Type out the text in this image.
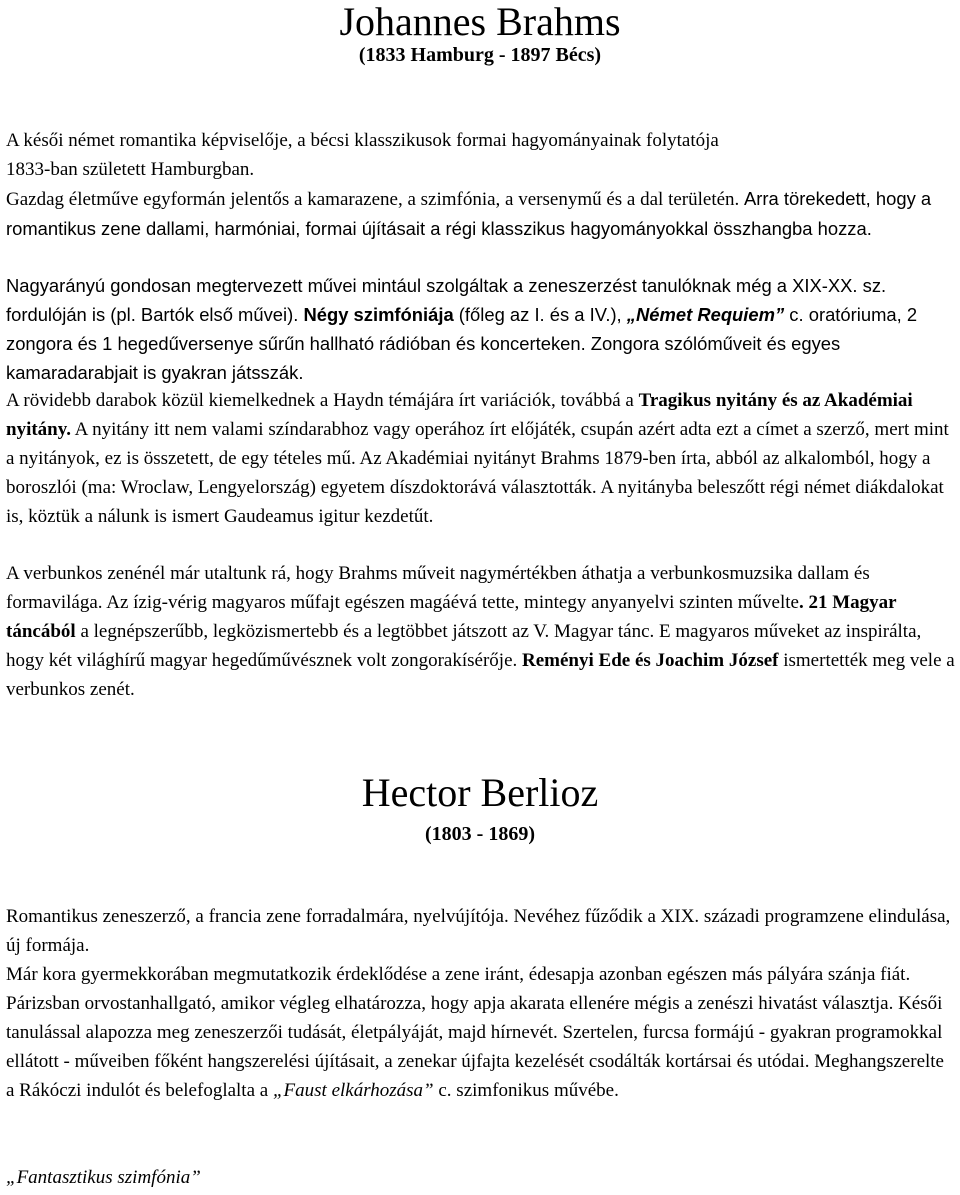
Johannes Brahms
(1833 Hamburg - 1897 Bécs)

A késői német romantika képviselője, a bécsi klasszikusok formai hagyományainak folytatója
1833-ban született Hamburgban.

Gazdag életműve egyformán jelentős a kamarazene, a szimfónia, a versenymű és a dal területén. Arra törekedett, hogy a romantikus zene dallami, harmóniai, formai újításait a régi klasszikus hagyományokkal összhangba hozza.

Nagyarányú gondosan megtervezett művei mintául szolgáltak a zeneszerzést tanulóknak még a XIX-XX. sz. fordulóján is (pl. Bartók első művei). Négy szimfóniája (főleg az I. és a IV.), „Német Requiem” c. oratóriuma, 2 zongora és 1 hegedűversenye sűrűn hallható rádióban és koncerteken. Zongora szólóműveit és egyes kamaradarabjait is gyakran játsszák.

A rövidebb darabok közül kiemelkednek a Haydn témájára írt variációk, továbbá a Tragikus nyitány és az Akadémiai nyitány. A nyitány itt nem valami színdarabhoz vagy operához írt előjáték, csupán azért adta ezt a címet a szerző, mert mint a nyitányok, ez is összetett, de egy tételes mű. Az Akadémiai nyitányt Brahms 1879-ben írta, abból az alkalomból, hogy a boroszlói (ma: Wroclaw, Lengyelország) egyetem díszdoktorává választották. A nyitányba beleszőtt régi német diákdalokat is, köztük a nálunk is ismert Gaudeamus igitur kezdetűt.

A verbunkos zenénél már utaltunk rá, hogy Brahms műveit nagymértékben áthatja a verbunkosmuzsika dallam és formavilága. Az ízig-vérig magyaros műfajt egészen magáévá tette, mintegy anyanyelvi szinten művelte. 21 Magyar táncából a legnépszerűbb, legközismertebb és a legtöbbet játszott az V. Magyar tánc. E magyaros műveket az inspirálta, hogy két világhírű magyar hegedűművésznek volt zongorakísérője. Reményi Ede és Joachim József ismertették meg vele a verbunkos zenét.

Hector Berlioz
(1803 - 1869)

Romantikus zeneszerző, a francia zene forradalmára, nyelvújítója. Nevéhez fűződik a XIX. századi programzene elindulása, új formája.

Már kora gyermekkorában megmutatkozik érdeklődése a zene iránt, édesapja azonban egészen más pályára szánja fiát. Párizsban orvostanhallgató, amikor végleg elhatározza, hogy apja akarata ellenére mégis a zenészi hivatást választja. Késői tanulással alapozza meg zeneszerzői tudását, életpályáját, majd hírnevét. Szertelen, furcsa formájú - gyakran programokkal ellátott - műveiben főként hangszerelési újításait, a zenekar újfajta kezelését csodálták kortársai és utódai. Meghangszerelte a Rákóczi indulót és belefoglalta a „Faust elkárhozása” c. szimfonikus művébe.

„Fantasztikus szimfónia”
